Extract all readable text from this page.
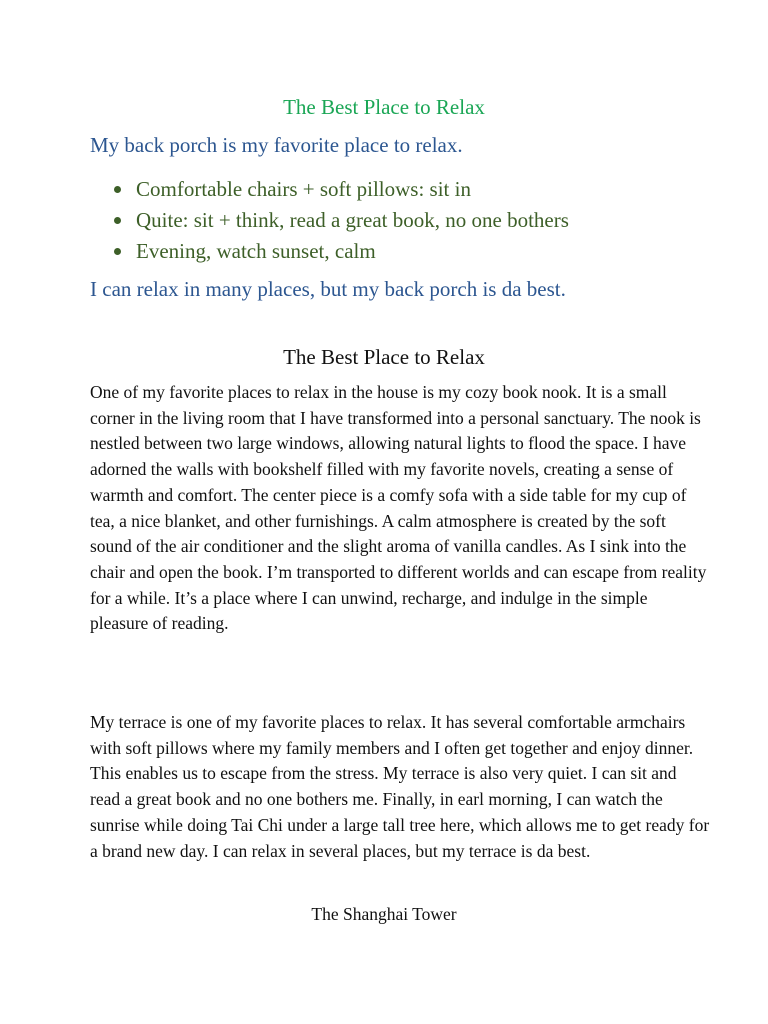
The Best Place to Relax
My back porch is my favorite place to relax.
Comfortable chairs + soft pillows: sit in
Quite: sit + think, read a great book, no one bothers
Evening, watch sunset, calm
I can relax in many places, but my back porch is da best.
The Best Place to Relax

One of my favorite places to relax in the house is my cozy book nook. It is a small corner in the living room that I have transformed into a personal sanctuary. The nook is nestled between two large windows, allowing natural lights to flood the space. I have adorned the walls with bookshelf filled with my favorite novels, creating a sense of warmth and comfort. The center piece is a comfy sofa with a side table for my cup of tea, a nice blanket, and other furnishings. A calm atmosphere is created by the soft sound of the air conditioner and the slight aroma of vanilla candles. As I sink into the chair and open the book. I’m transported to different worlds and can escape from reality for a while. It’s a place where I can unwind, recharge, and indulge in the simple pleasure of reading.

My terrace is one of my favorite places to relax. It has several comfortable armchairs with soft pillows where my family members and I often get together and enjoy dinner. This enables us to escape from the stress. My terrace is also very quiet. I can sit and read a great book and no one bothers me. Finally, in earl morning, I can watch the sunrise while doing Tai Chi under a large tall tree here, which allows me to get ready for a brand new day. I can relax in several places, but my terrace is da best.

The Shanghai Tower
